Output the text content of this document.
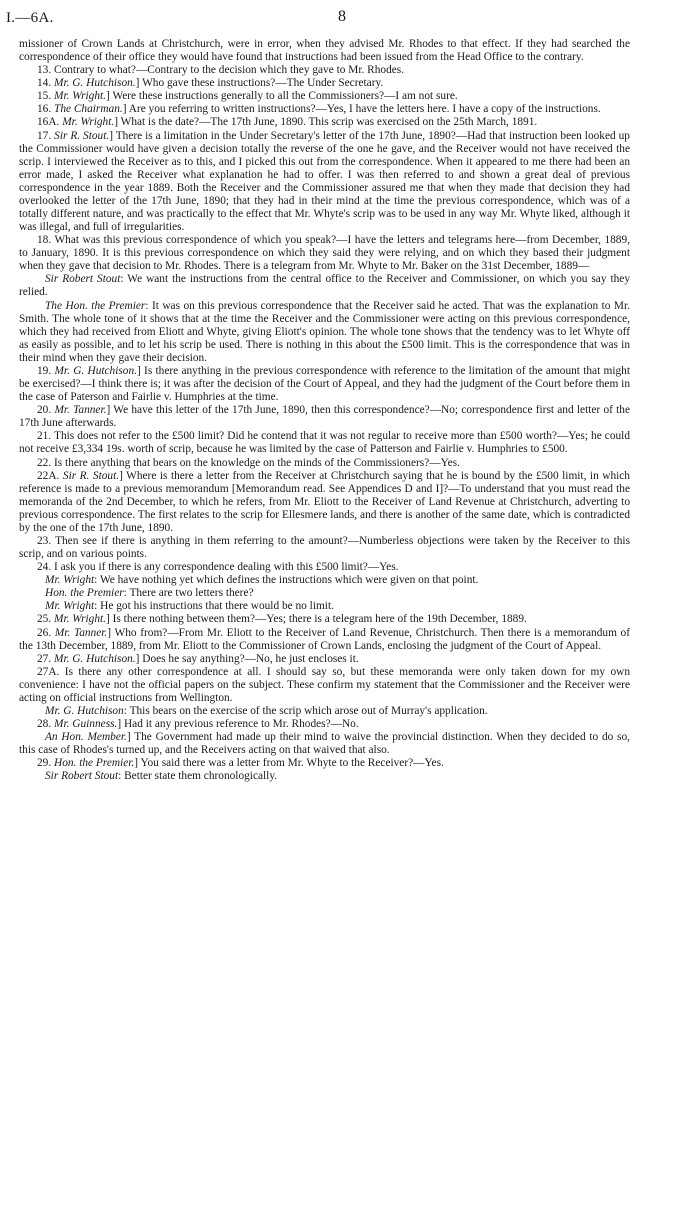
I.—6A.	8

missioner of Crown Lands at Christchurch, were in error, when they advised Mr. Rhodes to that effect. If they had searched the correspondence of their office they would have found that instructions had been issued from the Head Office to the contrary.

13. Contrary to what?—Contrary to the decision which they gave to Mr. Rhodes.

14. Mr. G. Hutchison.] Who gave these instructions?—The Under Secretary.

15. Mr. Wright.] Were these instructions generally to all the Commissioners?—I am not sure.

16. The Chairman.] Are you referring to written instructions?—Yes, I have the letters here. I have a copy of the instructions.

16A. Mr. Wright.] What is the date?—The 17th June, 1890. This scrip was exercised on the 25th March, 1891.

17. Sir R. Stout.] There is a limitation in the Under Secretary's letter of the 17th June, 1890?—Had that instruction been looked up the Commissioner would have given a decision totally the reverse of the one he gave, and the Receiver would not have received the scrip. I interviewed the Receiver as to this, and I picked this out from the correspondence. When it appeared to me there had been an error made, I asked the Receiver what explanation he had to offer. I was then referred to and shown a great deal of previous correspondence in the year 1889. Both the Receiver and the Commissioner assured me that when they made that decision they had overlooked the letter of the 17th June, 1890; that they had in their mind at the time the previous correspondence, which was of a totally different nature, and was practically to the effect that Mr. Whyte's scrip was to be used in any way Mr. Whyte liked, although it was illegal, and full of irregularities.

18. What was this previous correspondence of which you speak?—I have the letters and telegrams here—from December, 1889, to January, 1890. It is this previous correspondence on which they said they were relying, and on which they based their judgment when they gave that decision to Mr. Rhodes. There is a telegram from Mr. Whyte to Mr. Baker on the 31st December, 1889—

Sir Robert Stout: We want the instructions from the central office to the Receiver and Commissioner, on which you say they relied.

The Hon. the Premier: It was on this previous correspondence that the Receiver said he acted. That was the explanation to Mr. Smith. The whole tone of it shows that at the time the Receiver and the Commissioner were acting on this previous correspondence, which they had received from Eliott and Whyte, giving Eliott's opinion. The whole tone shows that the tendency was to let Whyte off as easily as possible, and to let his scrip be used. There is nothing in this about the £500 limit. This is the correspondence that was in their mind when they gave their decision.

19. Mr. G. Hutchison.] Is there anything in the previous correspondence with reference to the limitation of the amount that might be exercised?—I think there is; it was after the decision of the Court of Appeal, and they had the judgment of the Court before them in the case of Paterson and Fairlie v. Humphries at the time.

20. Mr. Tanner.] We have this letter of the 17th June, 1890, then this correspondence?—No; correspondence first and letter of the 17th June afterwards.

21. This does not refer to the £500 limit? Did he contend that it was not regular to receive more than £500 worth?—Yes; he could not receive £3,334 19s. worth of scrip, because he was limited by the case of Patterson and Fairlie v. Humphries to £500.

22. Is there anything that bears on the knowledge on the minds of the Commissioners?—Yes.

22A. Sir R. Stout.] Where is there a letter from the Receiver at Christchurch saying that he is bound by the £500 limit, in which reference is made to a previous memorandum [Memorandum read. See Appendices D and I]?—To understand that you must read the memoranda of the 2nd December, to which he refers, from Mr. Eliott to the Receiver of Land Revenue at Christchurch, adverting to previous correspondence. The first relates to the scrip for Ellesmere lands, and there is another of the same date, which is contradicted by the one of the 17th June, 1890.

23. Then see if there is anything in them referring to the amount?—Numberless objections were taken by the Receiver to this scrip, and on various points.

24. I ask you if there is any correspondence dealing with this £500 limit?—Yes.

Mr. Wright: We have nothing yet which defines the instructions which were given on that point.

Hon. the Premier: There are two letters there?

Mr. Wright: He got his instructions that there would be no limit.

25. Mr. Wright.] Is there nothing between them?—Yes; there is a telegram here of the 19th December, 1889.

26. Mr. Tanner.] Who from?—From Mr. Eliott to the Receiver of Land Revenue, Christchurch. Then there is a memorandum of the 13th December, 1889, from Mr. Eliott to the Commissioner of Crown Lands, enclosing the judgment of the Court of Appeal.

27. Mr. G. Hutchison.] Does he say anything?—No, he just encloses it.

27A. Is there any other correspondence at all. I should say so, but these memoranda were only taken down for my own convenience: I have not the official papers on the subject. These confirm my statement that the Commissioner and the Receiver were acting on official instructions from Wellington.

Mr. G. Hutchison: This bears on the exercise of the scrip which arose out of Murray's application.

28. Mr. Guinness.] Had it any previous reference to Mr. Rhodes?—No.

An Hon. Member.] The Government had made up their mind to waive the provincial distinction. When they decided to do so, this case of Rhodes's turned up, and the Receivers acting on that waived that also.

29. Hon. the Premier.] You said there was a letter from Mr. Whyte to the Receiver?—Yes.

Sir Robert Stout: Better state them chronologically.
